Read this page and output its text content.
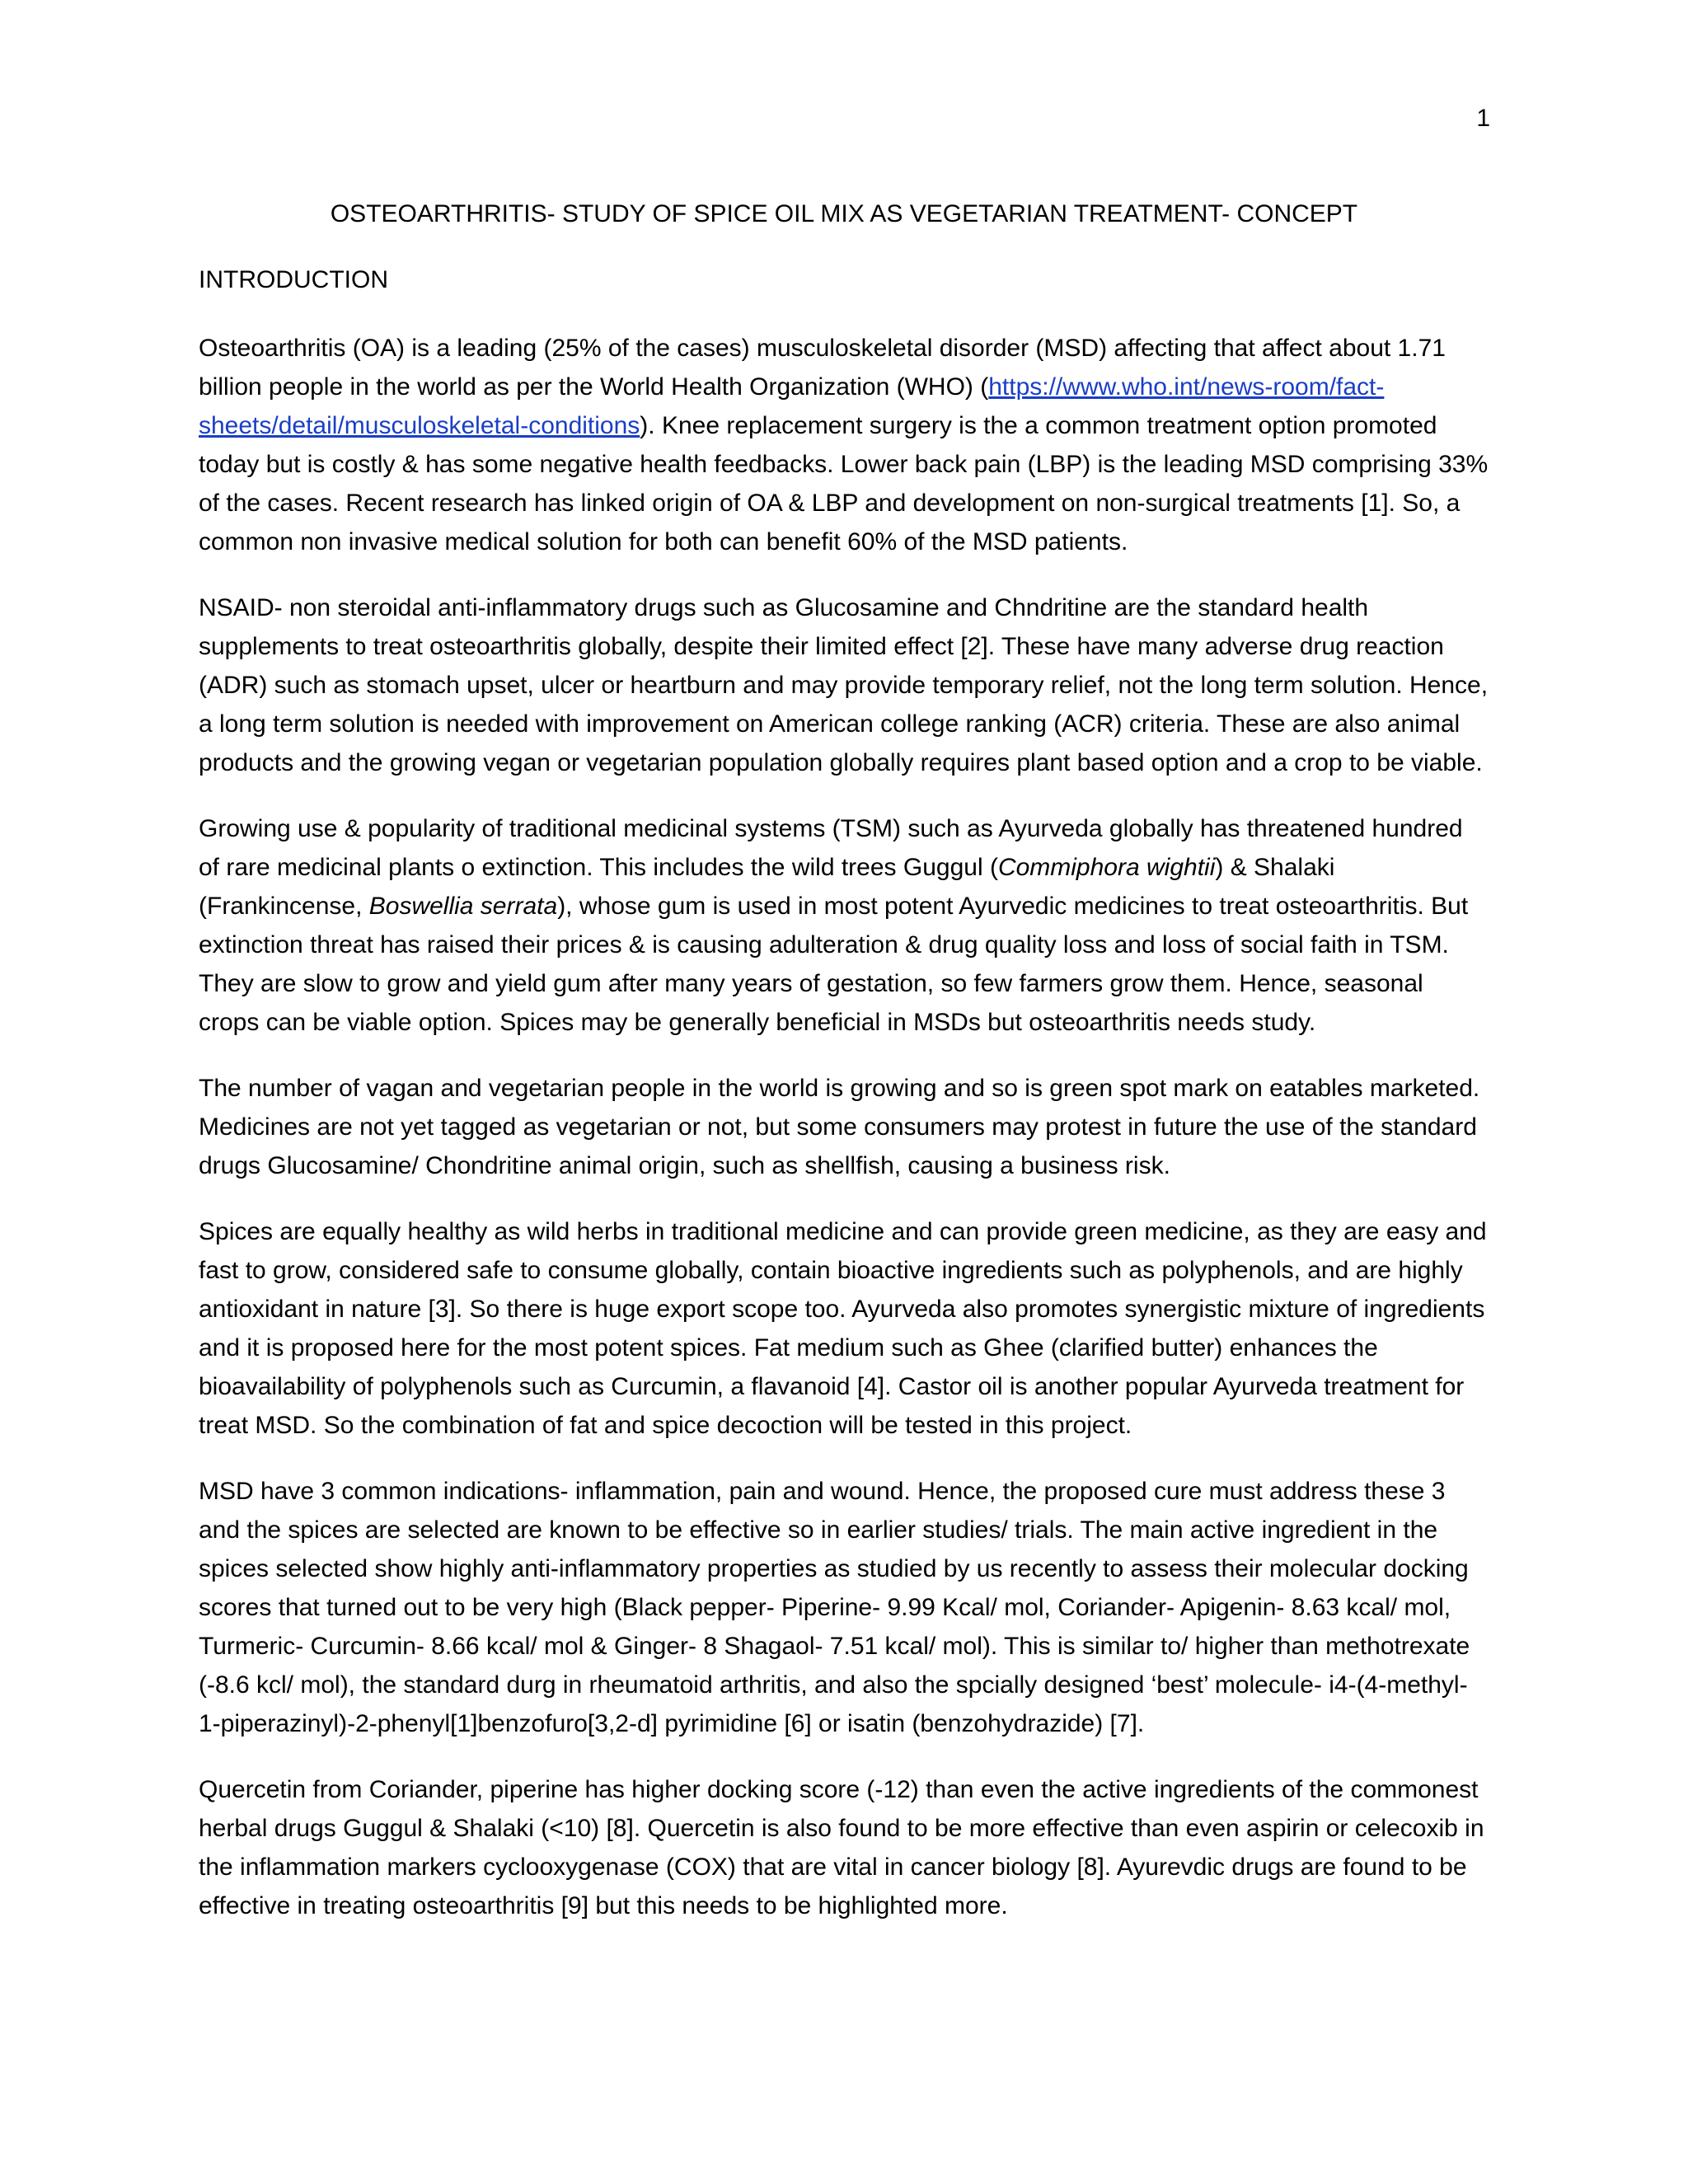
1
OSTEOARTHRITIS- STUDY OF SPICE OIL MIX AS VEGETARIAN TREATMENT- CONCEPT
INTRODUCTION

Osteoarthritis (OA) is a leading (25% of the cases) musculoskeletal disorder (MSD) affecting that affect about 1.71 billion people in the world as per the World Health Organization (WHO) (https://www.who.int/news-room/fact-sheets/detail/musculoskeletal-conditions). Knee replacement surgery is the a common treatment option promoted today but is costly & has some negative health feedbacks. Lower back pain (LBP) is the leading MSD comprising 33% of the cases. Recent research has linked origin of OA & LBP and development on non-surgical treatments [1]. So, a common non invasive medical solution for both can benefit 60% of the MSD patients.

NSAID- non steroidal anti-inflammatory drugs such as Glucosamine and Chndritine are the standard health supplements to treat osteoarthritis globally, despite their limited effect [2]. These have many adverse drug reaction (ADR) such as stomach upset, ulcer or heartburn and may provide temporary relief, not the long term solution. Hence, a long term solution is needed with improvement on American college ranking (ACR) criteria. These are also animal products and the growing vegan or vegetarian population globally requires plant based option and a crop to be viable.

Growing use & popularity of traditional medicinal systems (TSM) such as Ayurveda globally has threatened hundred of rare medicinal plants o extinction. This includes the wild trees Guggul (Commiphora wightii) & Shalaki (Frankincense, Boswellia serrata), whose gum is used in most potent Ayurvedic medicines to treat osteoarthritis. But extinction threat has raised their prices & is causing adulteration & drug quality loss and loss of social faith in TSM. They are slow to grow and yield gum after many years of gestation, so few farmers grow them. Hence, seasonal crops can be viable option. Spices may be generally beneficial in MSDs but osteoarthritis needs study.

The number of vagan and vegetarian people in the world is growing and so is green spot mark on eatables marketed. Medicines are not yet tagged as vegetarian or not, but some consumers may protest in future the use of the standard drugs Glucosamine/ Chondritine animal origin, such as shellfish, causing a business risk.

Spices are equally healthy as wild herbs in traditional medicine and can provide green medicine, as they are easy and fast to grow, considered safe to consume globally, contain bioactive ingredients such as polyphenols, and are highly antioxidant in nature [3]. So there is huge export scope too. Ayurveda also promotes synergistic mixture of ingredients and it is proposed here for the most potent spices. Fat medium such as Ghee (clarified butter) enhances the bioavailability of polyphenols such as Curcumin, a flavanoid [4]. Castor oil is another popular Ayurveda treatment for treat MSD. So the combination of fat and spice decoction will be tested in this project.

MSD have 3 common indications- inflammation, pain and wound. Hence, the proposed cure must address these 3 and the spices are selected are known to be effective so in earlier studies/ trials. The main active ingredient in the spices selected show highly anti-inflammatory properties as studied by us recently to assess their molecular docking scores that turned out to be very high (Black pepper- Piperine- 9.99 Kcal/ mol, Coriander- Apigenin- 8.63 kcal/ mol, Turmeric- Curcumin- 8.66 kcal/ mol & Ginger- 8 Shagaol- 7.51 kcal/ mol). This is similar to/ higher than methotrexate (-8.6 kcl/ mol), the standard durg in rheumatoid arthritis, and also the spcially designed ‘best’ molecule- i4-(4-methyl-1-piperazinyl)-2-phenyl[1]benzofuro[3,2-d] pyrimidine [6] or isatin (benzohydrazide) [7].

Quercetin from Coriander, piperine has higher docking score (-12) than even the active ingredients of the commonest herbal drugs Guggul & Shalaki (<10) [8]. Quercetin is also found to be more effective than even aspirin or celecoxib in the inflammation markers cyclooxygenase (COX) that are vital in cancer biology [8]. Ayurevdic drugs are found to be effective in treating osteoarthritis [9] but this needs to be highlighted more.
